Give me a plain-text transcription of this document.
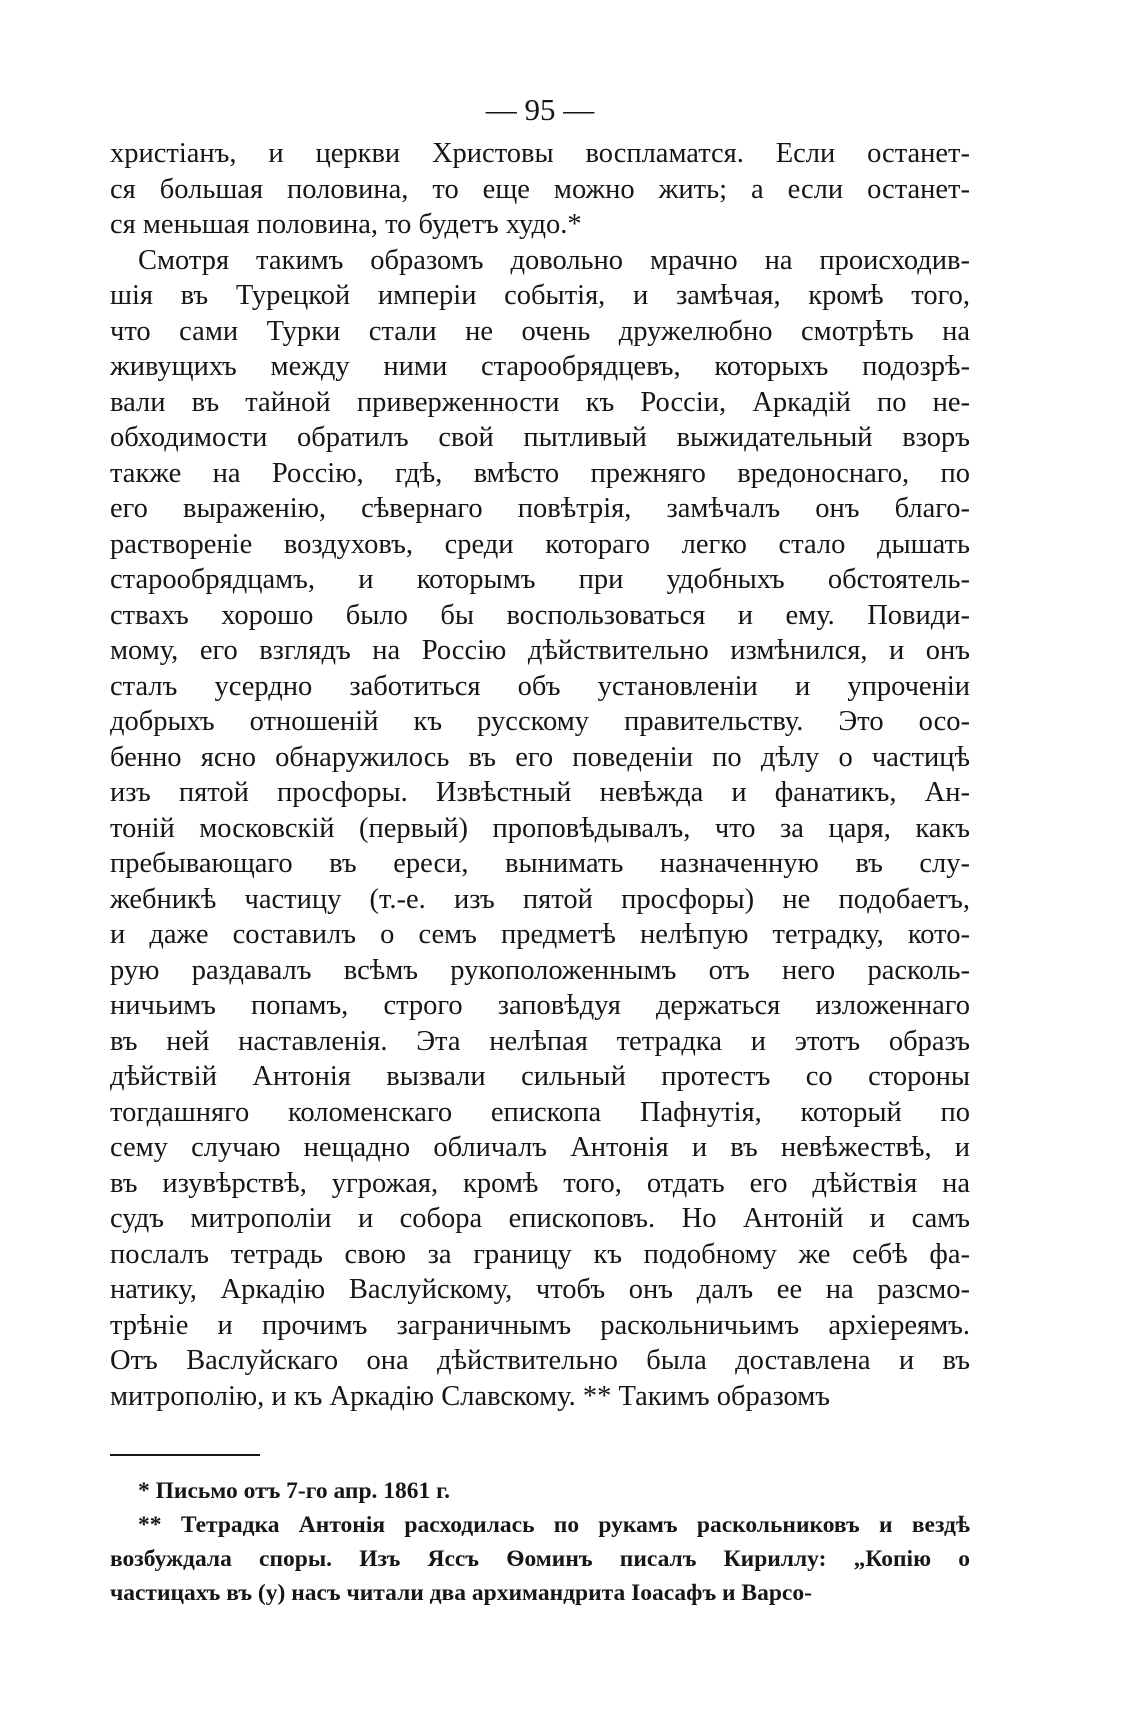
— 95 —
христіанъ, и церкви Христовы воспламатся. Если останет-
ся большая половина, то еще можно жить; а если останет-
ся меньшая половина, то будетъ худо.*
Смотря такимъ образомъ довольно мрачно на происходив-
шія въ Турецкой имперіи событія, и замѣчая, кромѣ того,
что сами Турки стали не очень дружелюбно смотрѣть на
живущихъ между ними старообрядцевъ, которыхъ подозрѣ-
вали въ тайной приверженности къ Россіи, Аркадій по не-
обходимости обратилъ свой пытливый выжидательный взоръ
также на Россію, гдѣ, вмѣсто прежняго вредоноснаго, по
его выраженію, сѣвернаго повѣтрія, замѣчалъ онъ благо-
раствореніе воздуховъ, среди котораго легко стало дышать
старообрядцамъ, и которымъ при удобныхъ обстоятель-
ствахъ хорошо было бы воспользоваться и ему. Повиди-
мому, его взглядъ на Россію дѣйствительно измѣнился, и онъ
сталъ усердно заботиться объ установленіи и упроченіи
добрыхъ отношеній къ русскому правительству. Это осо-
бенно ясно обнаружилось въ его поведеніи по дѣлу о частицѣ
изъ пятой просфоры. Извѣстный невѣжда и фанатикъ, Ан-
тоній московскій (первый) проповѣдывалъ, что за царя, какъ
пребывающаго въ ереси, вынимать назначенную въ слу-
жебникѣ частицу (т.-е. изъ пятой просфоры) не подобаетъ,
и даже составилъ о семъ предметѣ нелѣпую тетрадку, кото-
рую раздавалъ всѣмъ рукоположеннымъ отъ него расколь-
ничьимъ попамъ, строго заповѣдуя держаться изложеннаго
въ ней наставленія. Эта нелѣпая тетрадка и этотъ образъ
дѣйствій Антонія вызвали сильный протестъ со стороны
тогдашняго коломенскаго епископа Пафнутія, который по
сему случаю нещадно обличалъ Антонія и въ невѣжествѣ, и
въ изувѣрствѣ, угрожая, кромѣ того, отдать его дѣйствія на
судъ митрополіи и собора епископовъ. Но Антоній и самъ
послалъ тетрадь свою за границу къ подобному же себѣ фа-
натику, Аркадію Васлуйскому, чтобъ онъ далъ ее на разсмо-
трѣніе и прочимъ заграничнымъ раскольничьимъ архіереямъ.
Отъ Васлуйскаго она дѣйствительно была доставлена и въ
митрополію, и къ Аркадію Славскому. ** Такимъ образомъ
* Письмо отъ 7-го апр. 1861 г.
** Тетрадка Антонія расходилась по рукамъ раскольниковъ и вездѣ
возбуждала споры. Изъ Яссъ Ѳоминъ писалъ Кириллу: „Копію о
частицахъ въ (у) насъ читали два архимандрита Іоасафъ и Варсо-
